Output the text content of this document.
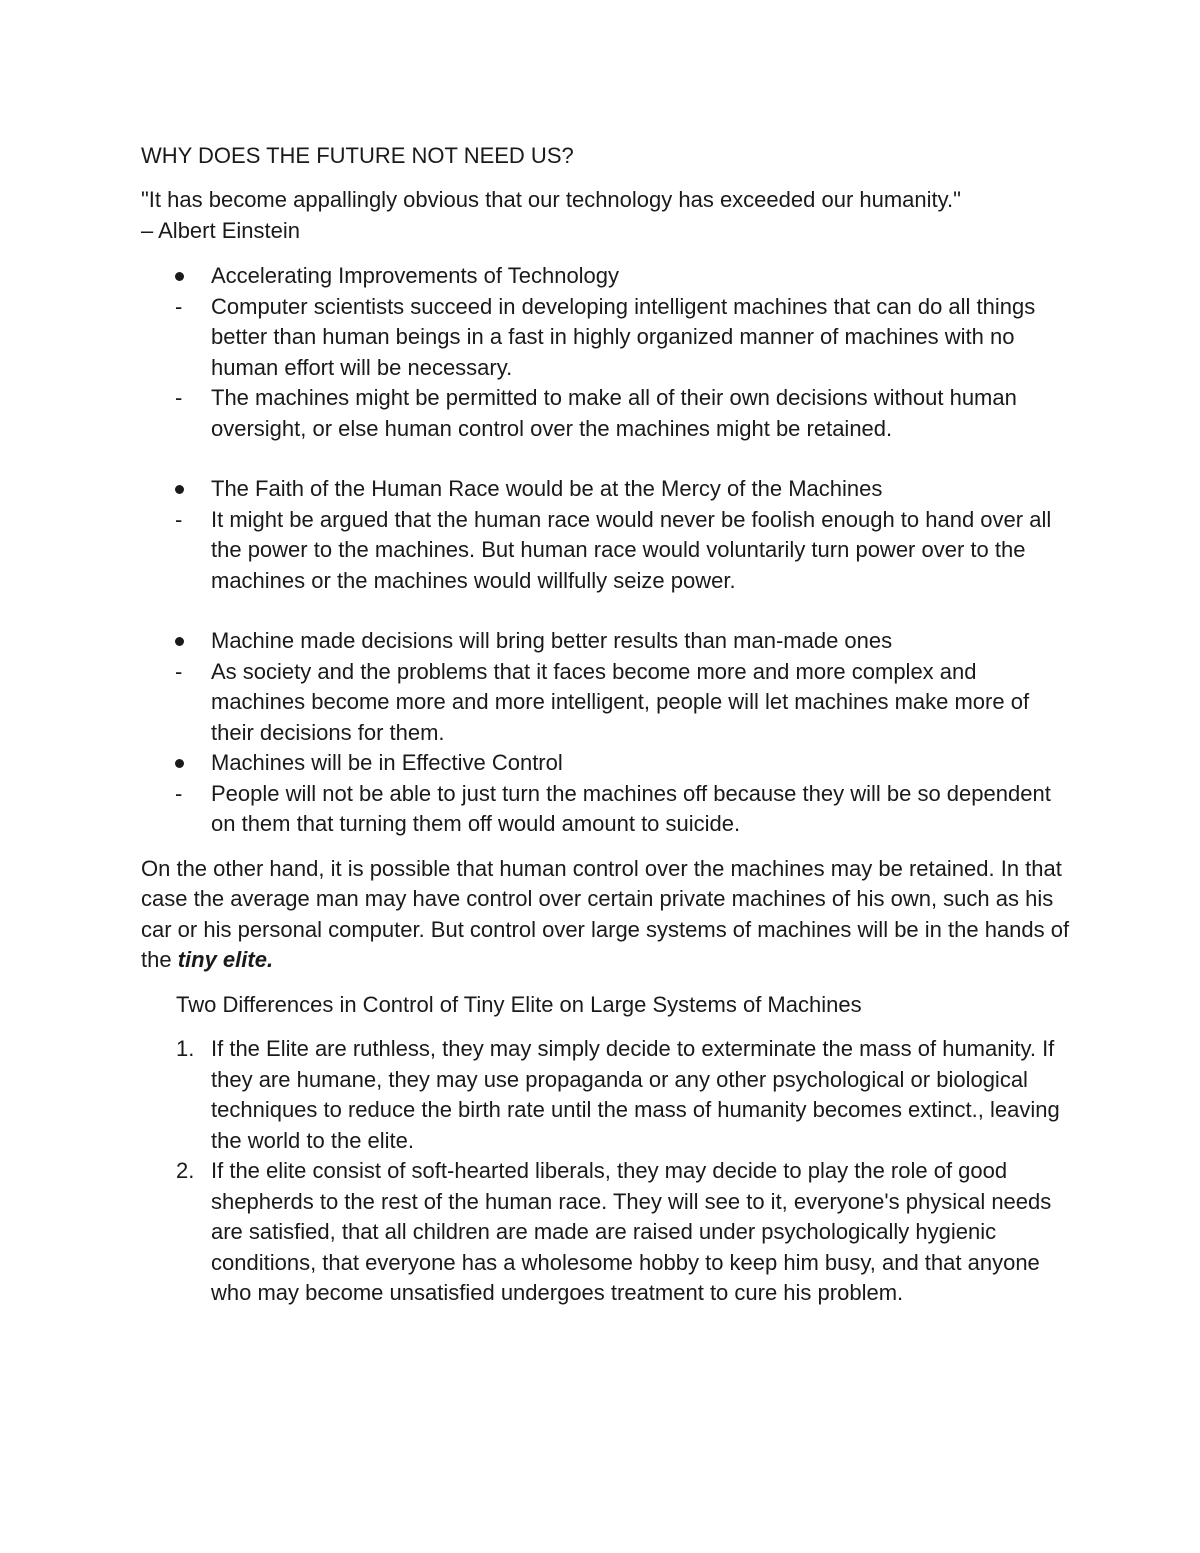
WHY DOES THE FUTURE NOT NEED US?
"It has become appallingly obvious that our technology has exceeded our humanity."
– Albert Einstein
Accelerating Improvements of Technology
- Computer scientists succeed in developing intelligent machines that can do all things better than human beings in a fast in highly organized manner of machines with no human effort will be necessary.
- The machines might be permitted to make all of their own decisions without human oversight, or else human control over the machines might be retained.
The Faith of the Human Race would be at the Mercy of the Machines
- It might be argued that the human race would never be foolish enough to hand over all the power to the machines. But human race would voluntarily turn power over to the machines or the machines would willfully seize power.
Machine made decisions will bring better results than man-made ones
- As society and the problems that it faces become more and more complex and machines become more and more intelligent, people will let machines make more of their decisions for them.
Machines will be in Effective Control
- People will not be able to just turn the machines off because they will be so dependent on them that turning them off would amount to suicide.

On the other hand, it is possible that human control over the machines may be retained. In that case the average man may have control over certain private machines of his own, such as his car or his personal computer. But control over large systems of machines will be in the hands of the tiny elite.

Two Differences in Control of Tiny Elite on Large Systems of Machines
1. If the Elite are ruthless, they may simply decide to exterminate the mass of humanity. If they are humane, they may use propaganda or any other psychological or biological techniques to reduce the birth rate until the mass of humanity becomes extinct., leaving the world to the elite.
2. If the elite consist of soft-hearted liberals, they may decide to play the role of good shepherds to the rest of the human race. They will see to it, everyone's physical needs are satisfied, that all children are made are raised under psychologically hygienic conditions, that everyone has a wholesome hobby to keep him busy, and that anyone who may become unsatisfied undergoes treatment to cure his problem.
